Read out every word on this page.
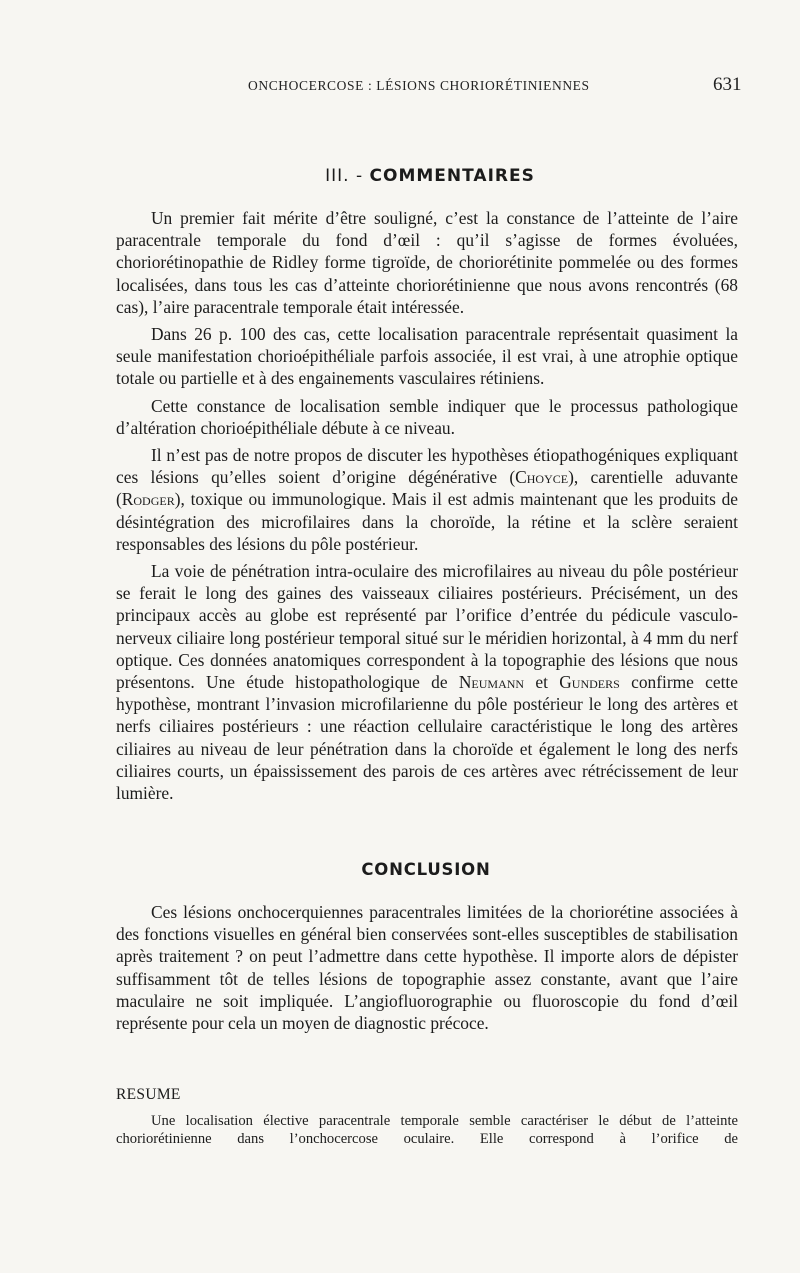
ONCHOCERCOSE : LÉSIONS CHORIORÉTINIENNES	631
III. - COMMENTAIRES

Un premier fait mérite d’être souligné, c’est la constance de l’atteinte de l’aire paracentrale temporale du fond d’œil : qu’il s’agisse de formes évoluées, choriorétinopathie de Ridley forme tigroïde, de choriorétinite pommelée ou des formes localisées, dans tous les cas d’atteinte choriorétinienne que nous avons rencontrés (68 cas), l’aire paracentrale temporale était intéressée.

Dans 26 p. 100 des cas, cette localisation paracentrale représentait quasiment la seule manifestation chorioépithéliale parfois associée, il est vrai, à une atrophie optique totale ou partielle et à des engainements vasculaires rétiniens.

Cette constance de localisation semble indiquer que le processus pathologique d’altération chorioépithéliale débute à ce niveau.

Il n’est pas de notre propos de discuter les hypothèses étiopathogéniques expliquant ces lésions qu’elles soient d’origine dégénérative (Choyce), carentielle aduvante (Rodger), toxique ou immunologique. Mais il est admis maintenant que les produits de désintégration des microfilaires dans la choroïde, la rétine et la sclère seraient responsables des lésions du pôle postérieur.

La voie de pénétration intra-oculaire des microfilaires au niveau du pôle postérieur se ferait le long des gaines des vaisseaux ciliaires postérieurs. Précisément, un des principaux accès au globe est représenté par l’orifice d’entrée du pédicule vasculo-nerveux ciliaire long postérieur temporal situé sur le méridien horizontal, à 4 mm du nerf optique. Ces données anatomiques correspondent à la topographie des lésions que nous présentons. Une étude histopathologique de Neumann et Gunders confirme cette hypothèse, montrant l’invasion microfilarienne du pôle postérieur le long des artères et nerfs ciliaires postérieurs : une réaction cellulaire caractéristique le long des artères ciliaires au niveau de leur pénétration dans la choroïde et également le long des nerfs ciliaires courts, un épaississement des parois de ces artères avec rétrécissement de leur lumière.

CONCLUSION

Ces lésions onchocerquiennes paracentrales limitées de la choriorétine associées à des fonctions visuelles en général bien conservées sont-elles susceptibles de stabilisation après traitement ? on peut l’admettre dans cette hypothèse. Il importe alors de dépister suffisamment tôt de telles lésions de topographie assez constante, avant que l’aire maculaire ne soit impliquée. L’angiofluorographie ou fluoroscopie du fond d’œil représente pour cela un moyen de diagnostic précoce.

RESUME

Une localisation élective paracentrale temporale semble caractériser le début de l’atteinte choriorétinienne dans l’onchocercose oculaire. Elle correspond à l’orifice de
